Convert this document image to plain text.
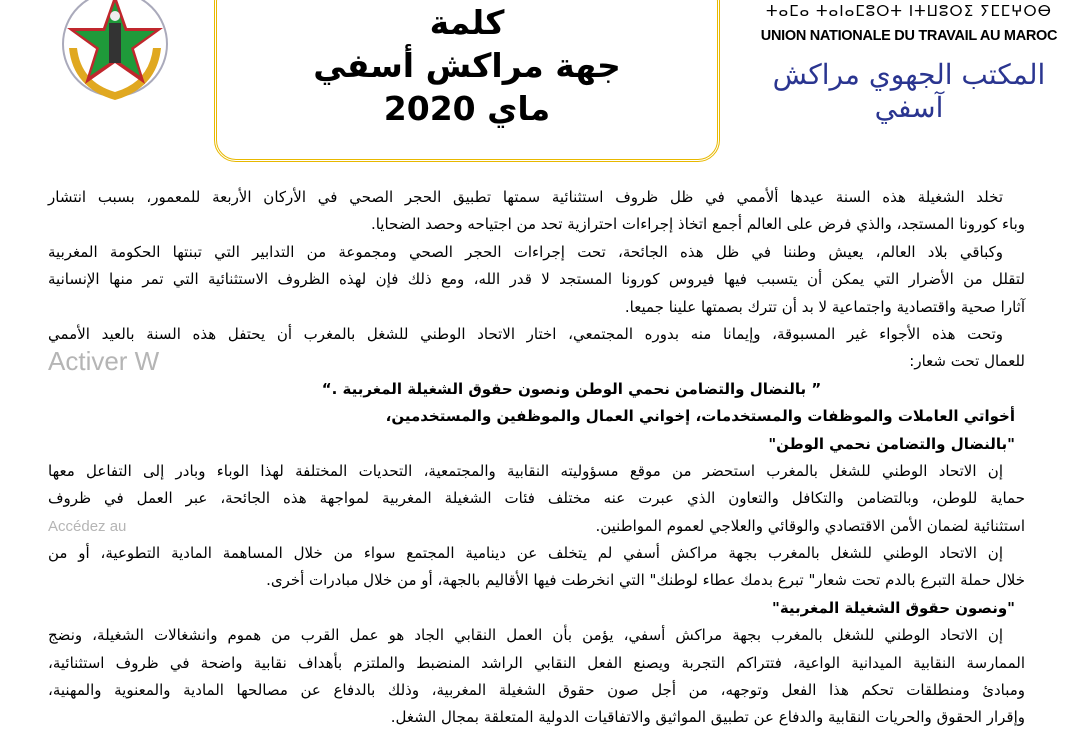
كلمة
جهة مراكش أسفي
ماي 2020
ⵜⴰⵎⴰ ⵜⴰⵏⴰⵎⵓⵔⵜ ⵏⵜⵡⵓⵔⵉ ⵢⵎⵎⵖⵔⴱ
UNION NATIONALE DU TRAVAIL AU MAROC
المكتب الجهوي مراكش آسفي
تخلد الشغيلة هذه السنة عيدها ألأممي في ظل ظروف استثنائية سمتها تطبيق الحجر الصحي في الأركان الأربعة للمعمور، بسبب انتشار
وباء كورونا المستجد، والذي فرض على العالم أجمع اتخاذ إجراءات احترازية تحد من اجتياحه وحصد الضحايا.
وكباقي بلاد العالم، يعيش وطننا في ظل هذه الجائحة، تحت إجراءات الحجر الصحي ومجموعة من التدابير التي تبنتها الحكومة المغربية
لتقلل من الأضرار التي يمكن أن يتسبب فيها فيروس كورونا المستجد لا قدر الله، ومع ذلك فإن لهذه الظروف الاستثنائية التي تمر منها الإنسانية
آثارا صحية واقتصادية واجتماعية لا بد أن تترك بصمتها علينا جميعا.
وتحت هذه الأجواء غير المسبوقة، وإيمانا منه بدوره المجتمعي، اختار الاتحاد الوطني للشغل بالمغرب أن يحتفل هذه السنة بالعيد الأممي
للعمال تحت شعار:
” بالنضال والتضامن نحمي الوطن ونصون حقوق الشغيلة المغربية .“
أخواتي العاملات والموظفات والمستخدمات، إخواني العمال والموظفين والمستخدمين،
"بالنضال والتضامن نحمي الوطن"
إن الاتحاد الوطني للشغل بالمغرب استحضر من موقع مسؤوليته النقابية والمجتمعية، التحديات المختلفة لهذا الوباء وبادر إلى التفاعل معها
حماية للوطن، وبالتضامن والتكافل والتعاون الذي عبرت عنه مختلف فئات الشغيلة المغربية لمواجهة هذه الجائحة، عبر العمل في ظروف
استثنائية لضمان الأمن الاقتصادي والوقائي والعلاجي لعموم المواطنين.
إن الاتحاد الوطني للشغل بالمغرب بجهة مراكش أسفي لم يتخلف عن دينامية المجتمع سواء من خلال المساهمة المادية التطوعية، أو من
خلال حملة التبرع بالدم تحت شعار" تبرع بدمك عطاء لوطنك" التي انخرطت فيها الأقاليم بالجهة، أو من خلال مبادرات أخرى.
"ونصون حقوق الشغيلة المغربية"
إن الاتحاد الوطني للشغل بالمغرب بجهة مراكش أسفي، يؤمن بأن العمل النقابي الجاد هو عمل القرب من هموم وانشغالات الشغيلة، ونضج
الممارسة النقابية الميدانية الواعية، فتتراكم التجربة ويصنع الفعل النقابي الراشد المنضبط والملتزم بأهداف نقابية واضحة في ظروف استثنائية،
ومبادئ ومنطلقات تحكم هذا الفعل وتوجهه، من أجل صون حقوق الشغيلة المغربية، وذلك بالدفاع عن مصالحها المادية والمعنوية والمهنية،
وإقرار الحقوق والحريات النقابية والدفاع عن تطبيق المواثيق والاتفاقيات الدولية المتعلقة بمجال الشغل.
Activer W
Accédez au
